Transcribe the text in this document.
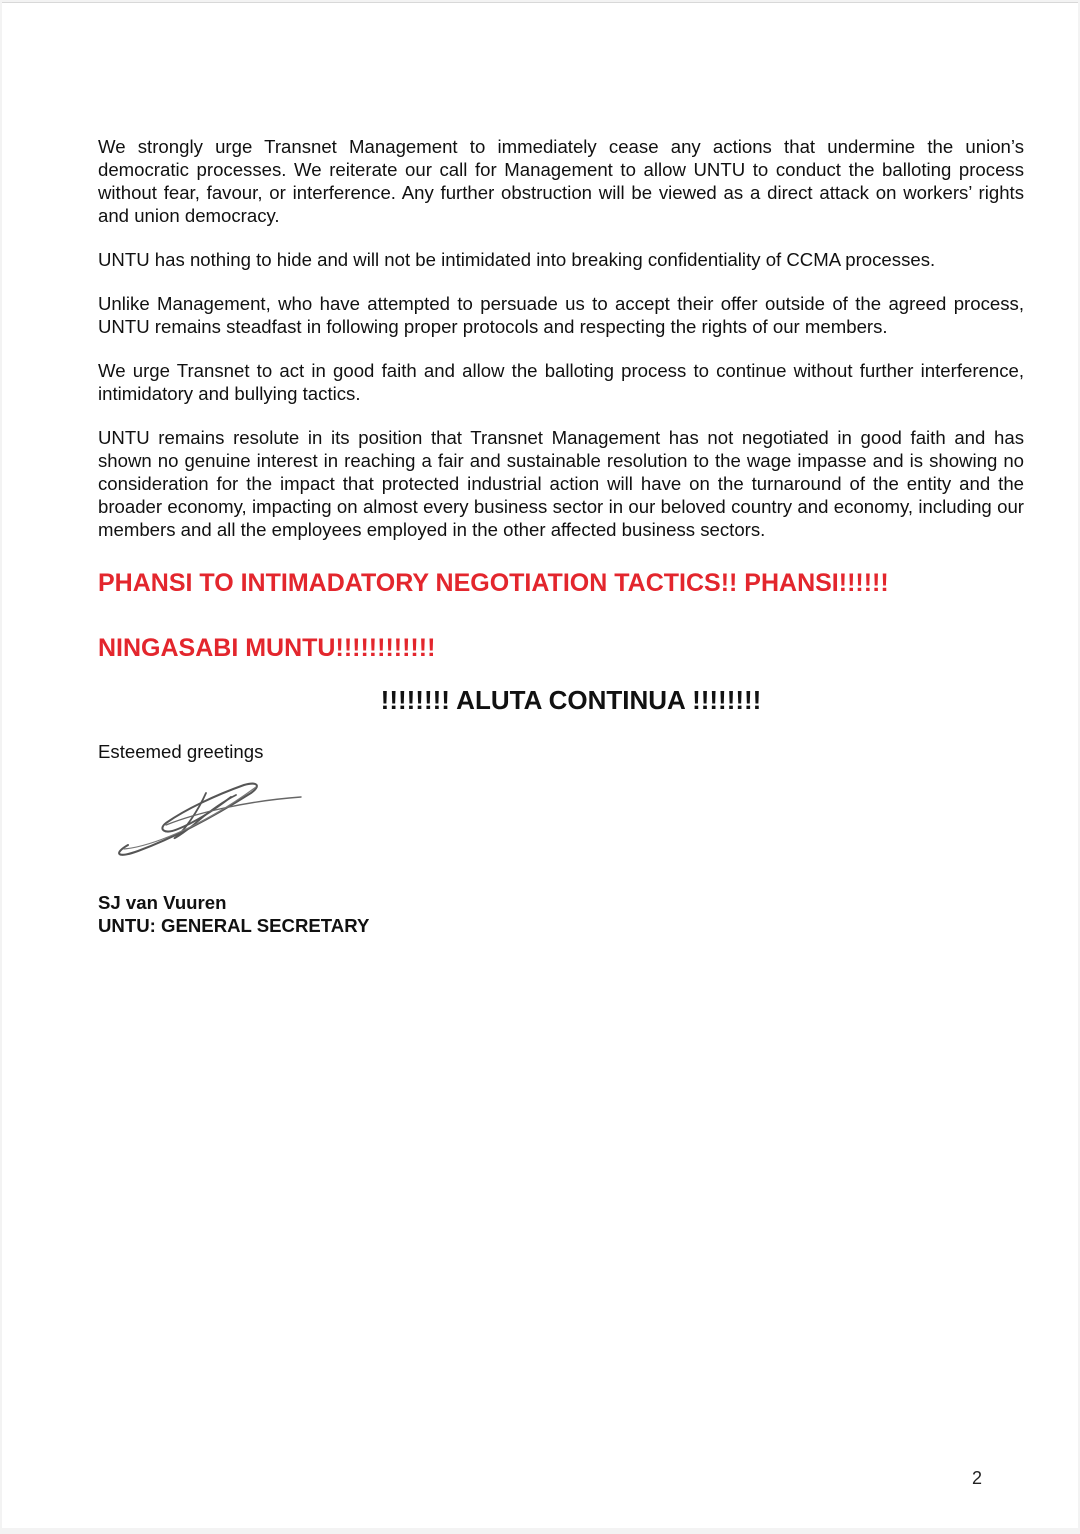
We strongly urge Transnet Management to immediately cease any actions that undermine the union’s democratic processes. We reiterate our call for Management to allow UNTU to conduct the balloting process without fear, favour, or interference. Any further obstruction will be viewed as a direct attack on workers’ rights and union democracy.

UNTU has nothing to hide and will not be intimidated into breaking confidentiality of CCMA processes.

Unlike Management, who have attempted to persuade us to accept their offer outside of the agreed process, UNTU remains steadfast in following proper protocols and respecting the rights of our members.

We urge Transnet to act in good faith and allow the balloting process to continue without further interference, intimidatory and bullying tactics.

UNTU remains resolute in its position that Transnet Management has not negotiated in good faith and has shown no genuine interest in reaching a fair and sustainable resolution to the wage impasse and is showing no consideration for the impact that protected industrial action will have on the turnaround of the entity and the broader economy, impacting on almost every business sector in our beloved country and economy, including our members and all the employees employed in the other affected business sectors.

PHANSI TO INTIMADATORY NEGOTIATION TACTICS!! PHANSI!!!!!!

NINGASABI MUNTU!!!!!!!!!!!!

!!!!!!!! ALUTA CONTINUA !!!!!!!!

Esteemed greetings
SJ van Vuuren
UNTU: GENERAL SECRETARY
2
